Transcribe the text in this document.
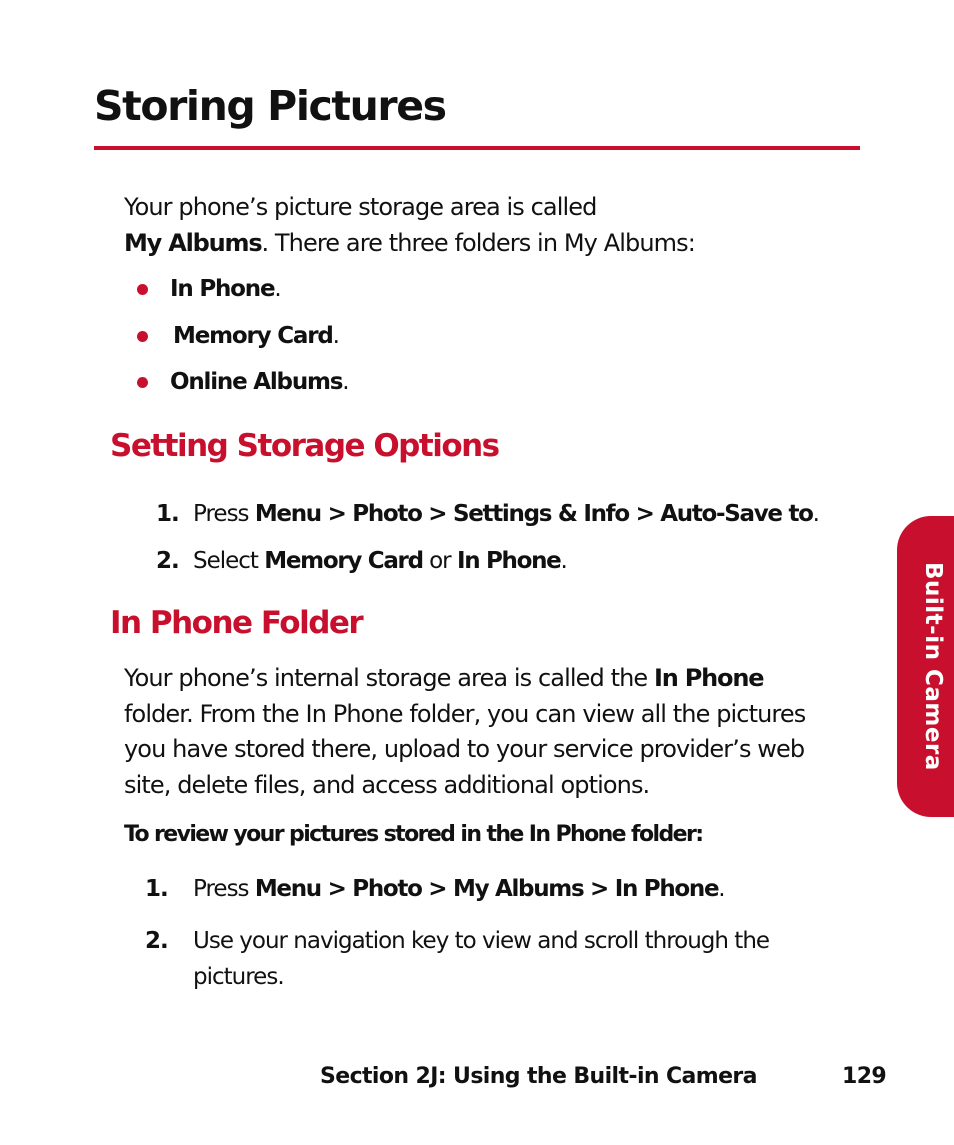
Storing Pictures

Your phone’s picture storage area is called
My Albums. There are three folders in My Albums:

In Phone .
Memory Card .
Online Albums .
Setting Storage Options
1. Press Menu > Photo > Settings & Info > Auto-Save to.
2. Select Memory Card or In Phone.
In Phone Folder

Your phone’s internal storage area is called the In Phone
folder. From the In Phone folder, you can view all the pictures
you have stored there, upload to your service provider’s web
site, delete files, and access additional options.

To review your pictures stored in the In Phone folder:

1.	Press Menu > Photo > My Albums > In Phone.
2.	Use your navigation key to view and scroll through the
pictures.
Built-in Camera
Section 2J: Using the Built-in Camera	129
